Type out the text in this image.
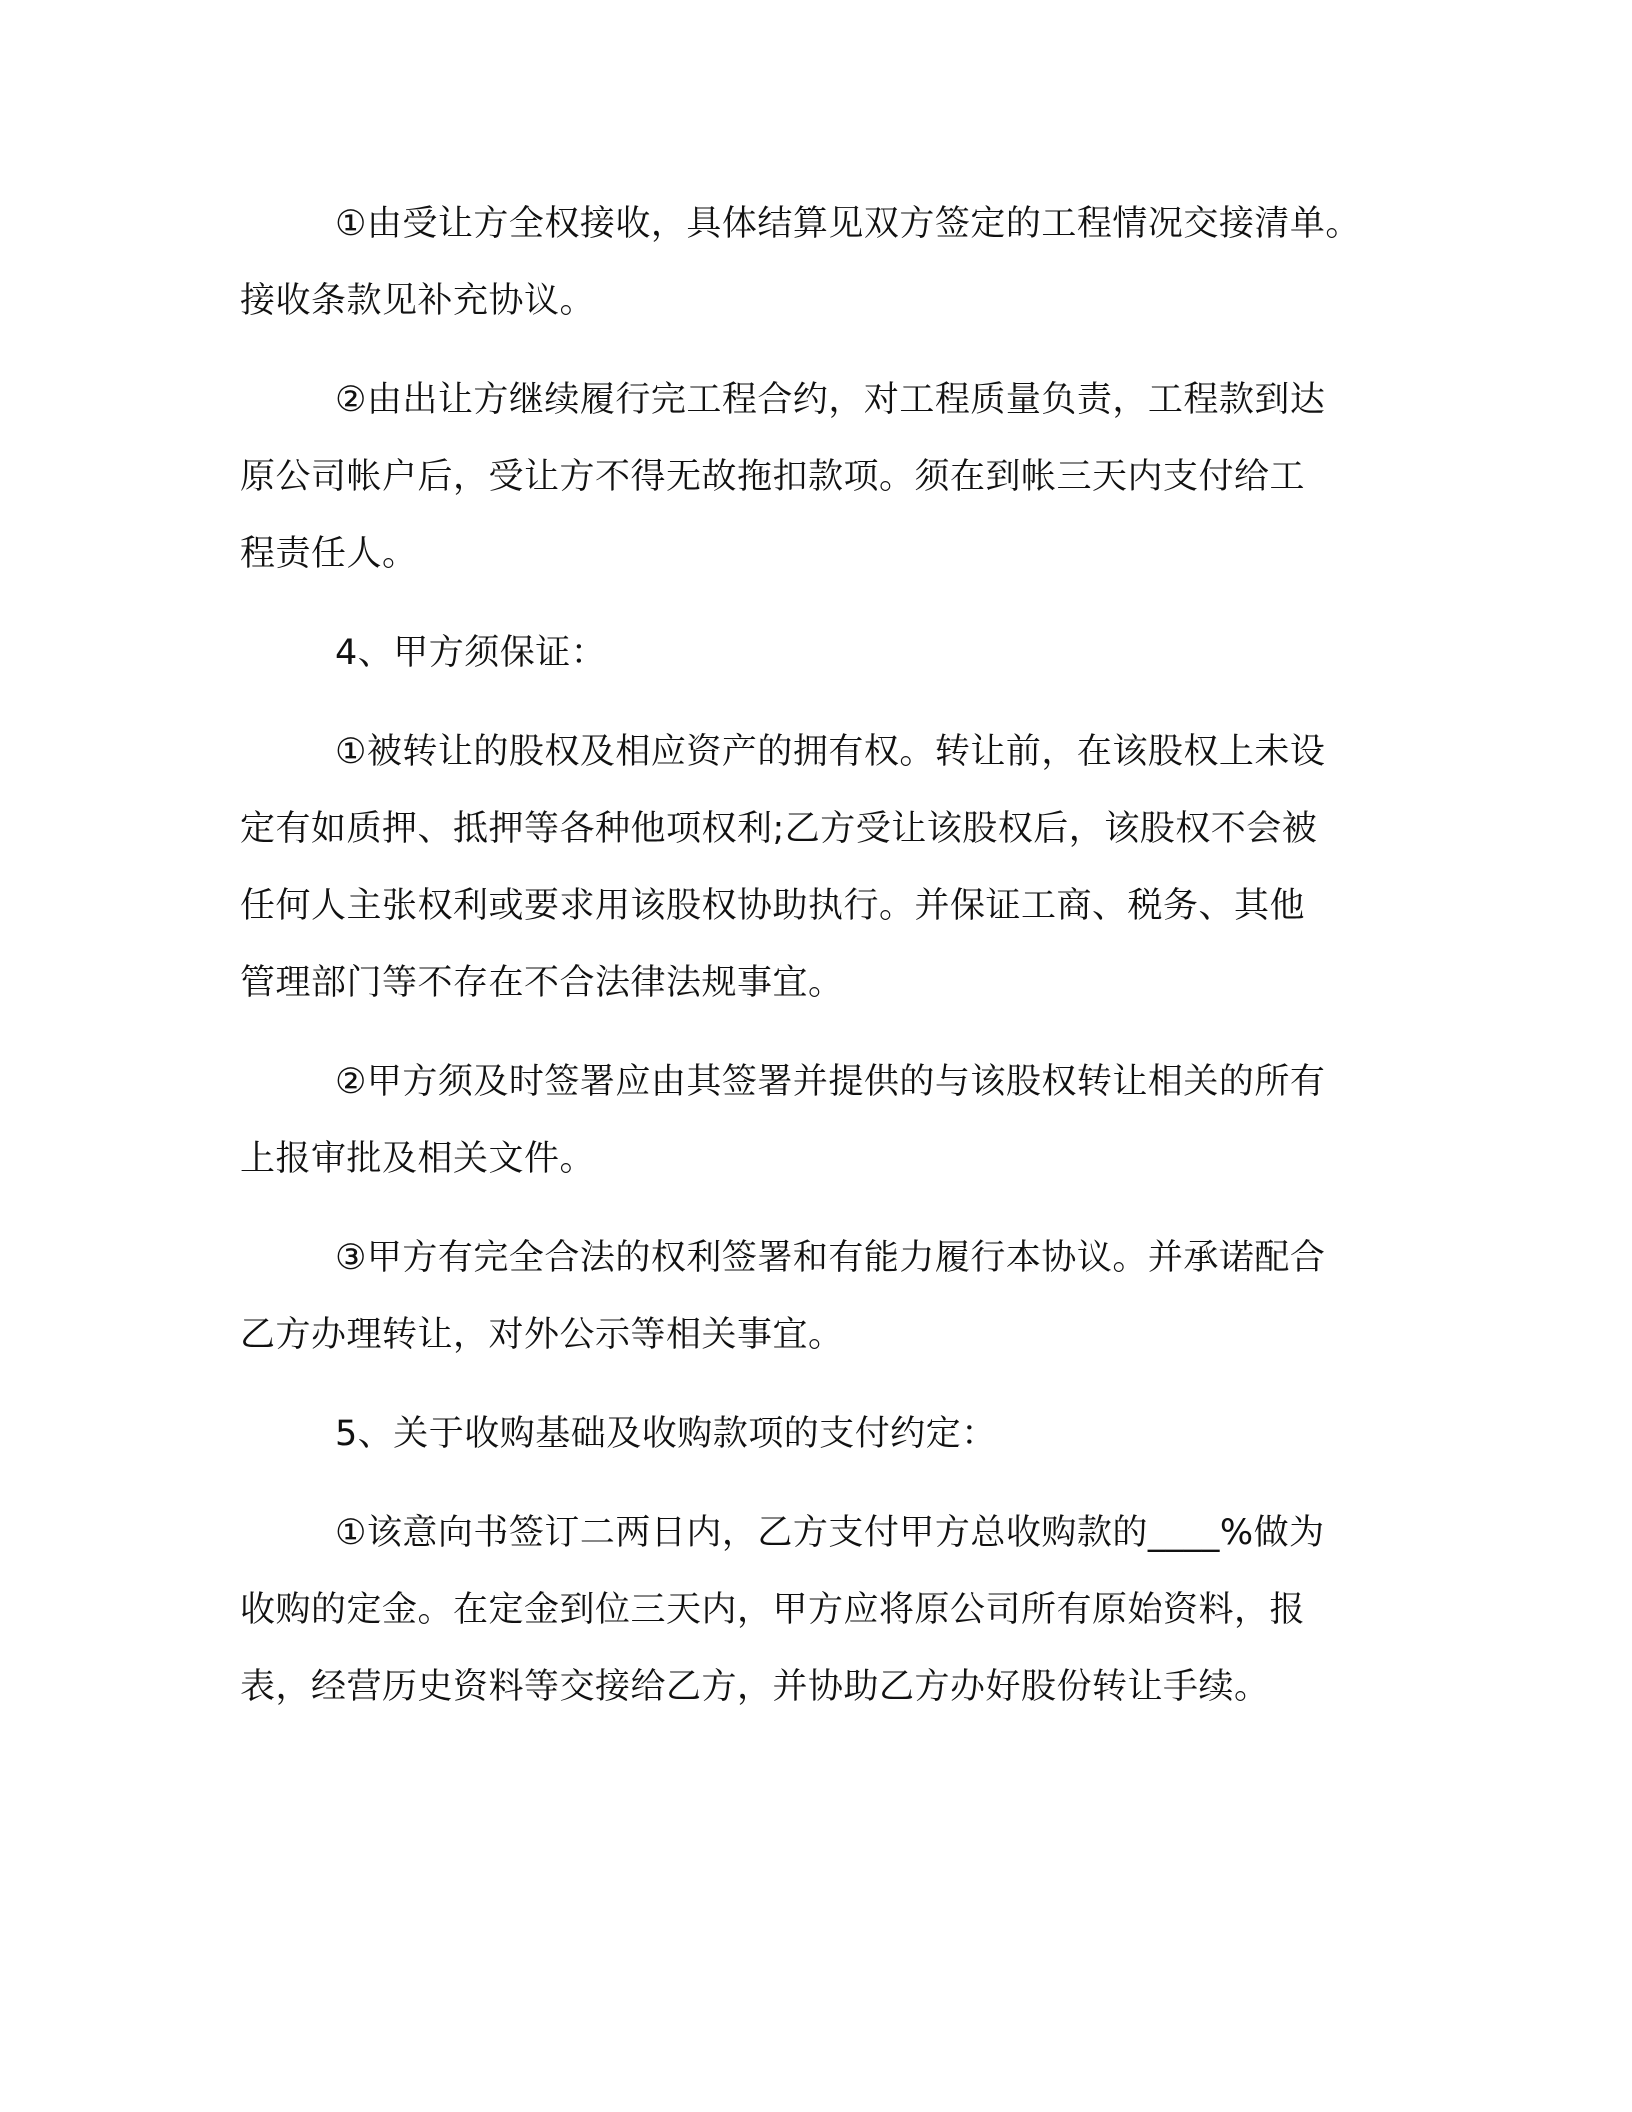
①由受让方全权接收，具体结算见双方签定的工程情况交接清单。
接收条款见补充协议。

②由出让方继续履行完工程合约，对工程质量负责，工程款到达
原公司帐户后，受让方不得无故拖扣款项。须在到帐三天内支付给工
程责任人。

4、甲方须保证：

①被转让的股权及相应资产的拥有权。转让前，在该股权上未设
定有如质押、抵押等各种他项权利;乙方受让该股权后，该股权不会被
任何人主张权利或要求用该股权协助执行。并保证工商、税务、其他
管理部门等不存在不合法律法规事宜。

②甲方须及时签署应由其签署并提供的与该股权转让相关的所有
上报审批及相关文件。

③甲方有完全合法的权利签署和有能力履行本协议。并承诺配合
乙方办理转让，对外公示等相关事宜。

5、关于收购基础及收购款项的支付约定：

①该意向书签订二两日内，乙方支付甲方总收购款的____%做为
收购的定金。在定金到位三天内，甲方应将原公司所有原始资料，报
表，经营历史资料等交接给乙方，并协助乙方办好股份转让手续。
